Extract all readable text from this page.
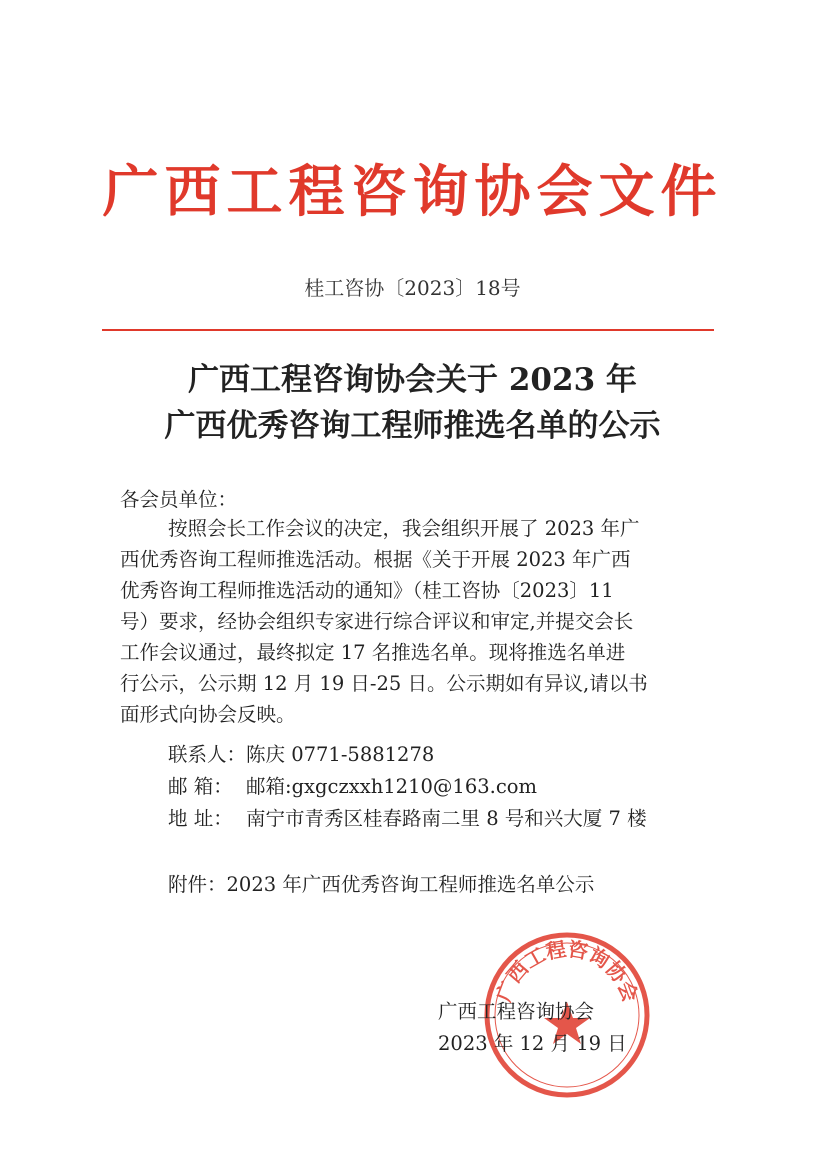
广西工程咨询协会文件
桂工咨协〔2023〕18号
广西工程咨询协会关于 2023 年
广西优秀咨询工程师推选名单的公示
各会员单位：
按照会长工作会议的决定，我会组织开展了 2023 年广
西优秀咨询工程师推选活动。根据《关于开展 2023 年广西
优秀咨询工程师推选活动的通知》（桂工咨协〔2023〕11
号）要求，经协会组织专家进行综合评议和审定,并提交会长
工作会议通过，最终拟定 17 名推选名单。现将推选名单进
行公示，公示期 12 月 19 日-25 日。公示期如有异议,请以书
面形式向协会反映。
联系人：陈庆 0771-5881278
邮 箱： 邮箱:gxgczxxh1210@163.com
地 址： 南宁市青秀区桂春路南二里 8 号和兴大厦 7 楼
附件：2023 年广西优秀咨询工程师推选名单公示
广西工程咨询协会
广西工程咨询协会
2023 年 12 月 19 日
